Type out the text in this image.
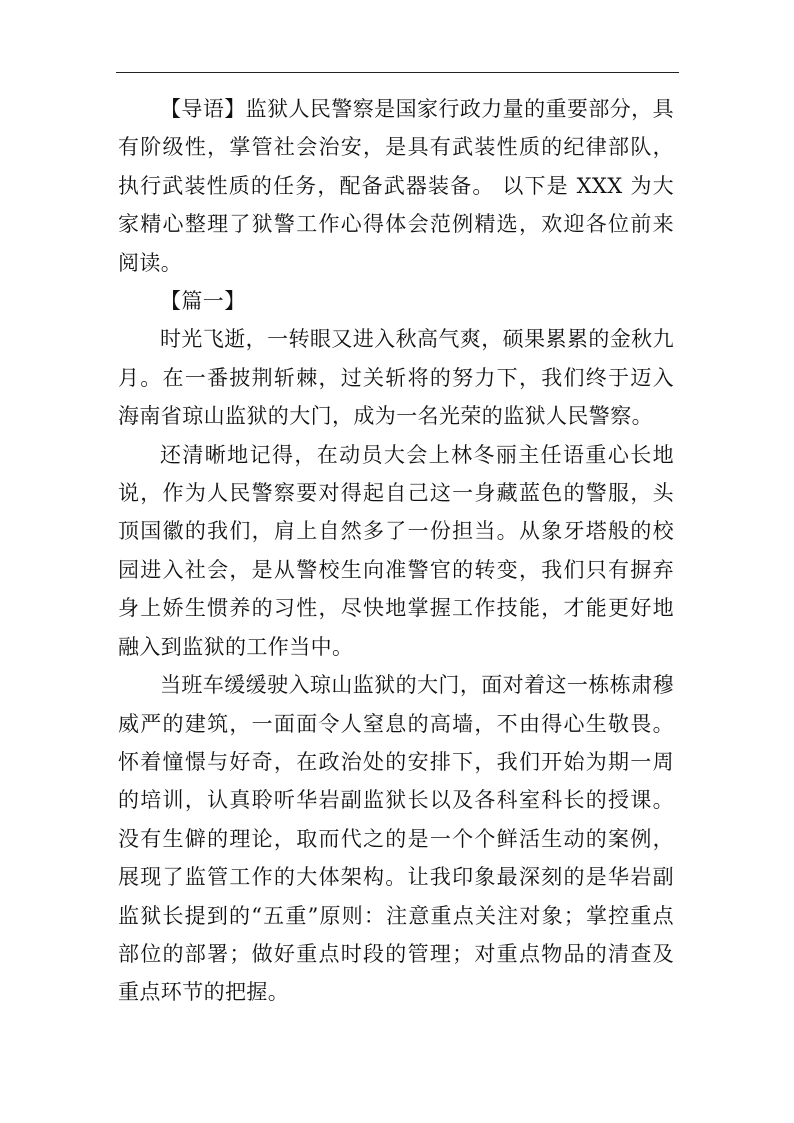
【导语】监狱人民警察是国家行政力量的重要部分，具有阶级性，掌管社会治安，是具有武装性质的纪律部队，执行武装性质的任务，配备武器装备。 以下是 XXX 为大家精心整理了狱警工作心得体会范例精选，欢迎各位前来阅读。

【篇一】

时光飞逝，一转眼又进入秋高气爽，硕果累累的金秋九月。在一番披荆斩棘，过关斩将的努力下，我们终于迈入海南省琼山监狱的大门，成为一名光荣的监狱人民警察。

还清晰地记得，在动员大会上林冬丽主任语重心长地说，作为人民警察要对得起自己这一身藏蓝色的警服，头顶国徽的我们，肩上自然多了一份担当。从象牙塔般的校园进入社会，是从警校生向准警官的转变，我们只有摒弃身上娇生惯养的习性，尽快地掌握工作技能，才能更好地融入到监狱的工作当中。

当班车缓缓驶入琼山监狱的大门，面对着这一栋栋肃穆威严的建筑，一面面令人窒息的高墙，不由得心生敬畏。怀着憧憬与好奇，在政治处的安排下，我们开始为期一周的培训，认真聆听华岩副监狱长以及各科室科长的授课。没有生僻的理论，取而代之的是一个个鲜活生动的案例，展现了监管工作的大体架构。让我印象最深刻的是华岩副监狱长提到的“五重”原则：注意重点关注对象；掌控重点部位的部署；做好重点时段的管理；对重点物品的清查及重点环节的把握。
